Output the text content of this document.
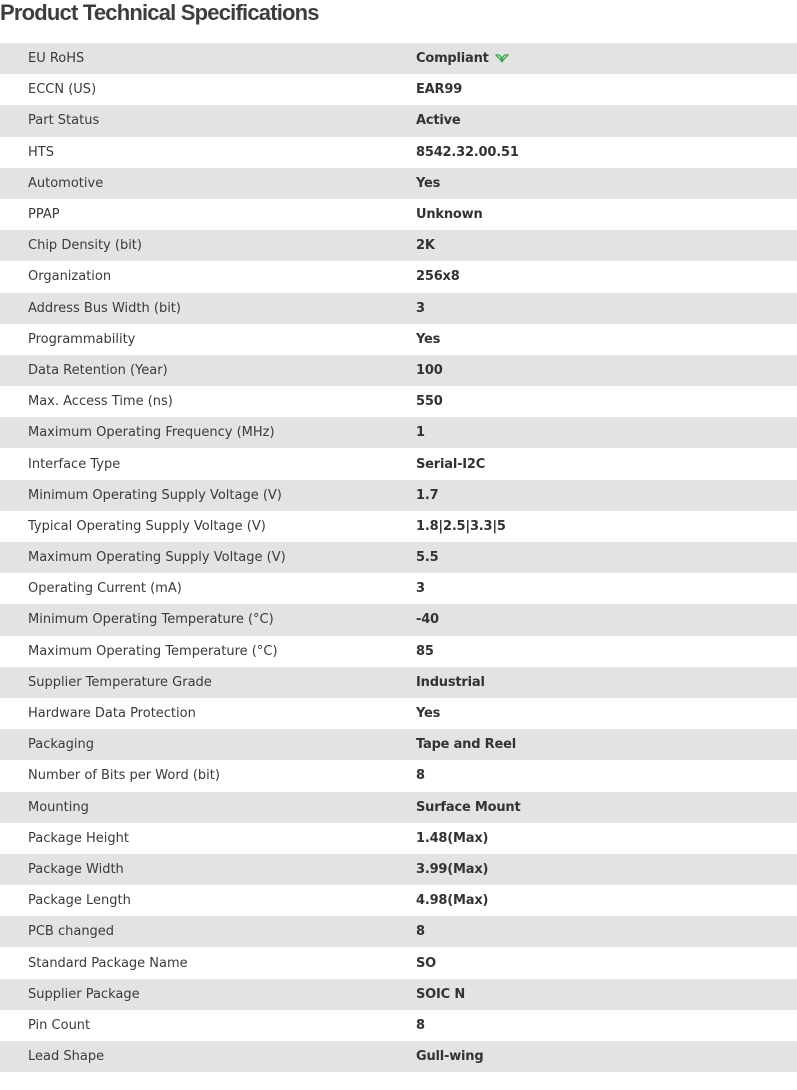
Product Technical Specifications
EU RoHS	Compliant
ECCN (US)	EAR99
Part Status	Active
HTS	8542.32.00.51
Automotive	Yes
PPAP	Unknown
Chip Density (bit)	2K
Organization	256x8
Address Bus Width (bit)	3
Programmability	Yes
Data Retention (Year)	100
Max. Access Time (ns)	550
Maximum Operating Frequency (MHz)	1
Interface Type	Serial-I2C
Minimum Operating Supply Voltage (V)	1.7
Typical Operating Supply Voltage (V)	1.8|2.5|3.3|5
Maximum Operating Supply Voltage (V)	5.5
Operating Current (mA)	3
Minimum Operating Temperature (°C)	-40
Maximum Operating Temperature (°C)	85
Supplier Temperature Grade	Industrial
Hardware Data Protection	Yes
Packaging	Tape and Reel
Number of Bits per Word (bit)	8
Mounting	Surface Mount
Package Height	1.48(Max)
Package Width	3.99(Max)
Package Length	4.98(Max)
PCB changed	8
Standard Package Name	SO
Supplier Package	SOIC N
Pin Count	8
Lead Shape	Gull-wing
